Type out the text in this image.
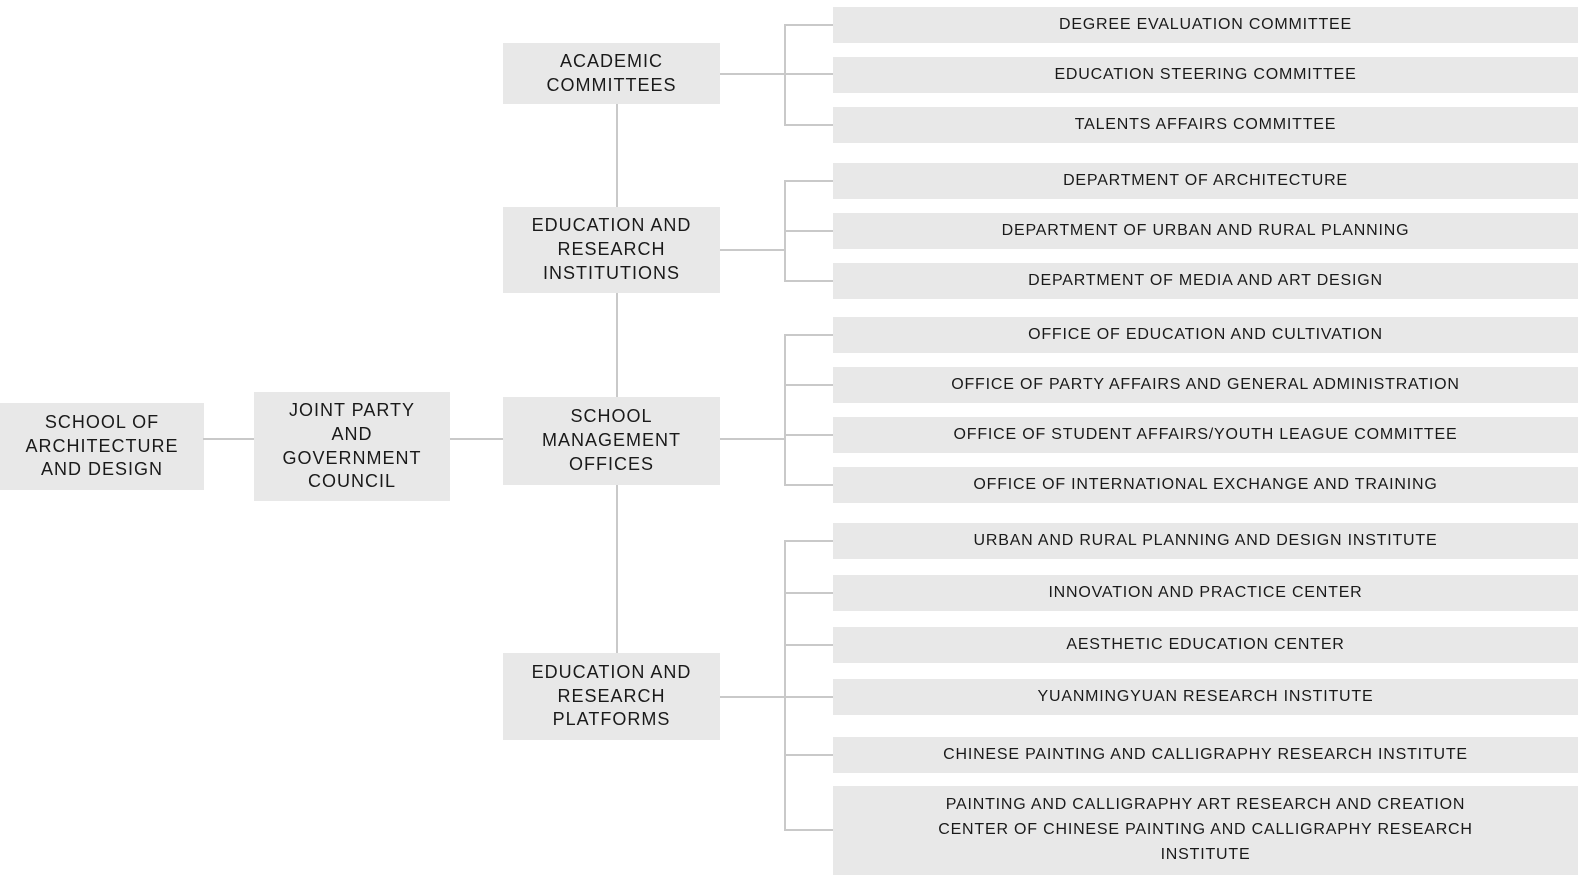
SCHOOL OF ARCHITECTURE AND DESIGN
JOINT PARTY AND GOVERNMENT COUNCIL
ACADEMIC COMMITTEES
EDUCATION AND RESEARCH INSTITUTIONS
SCHOOL MANAGEMENT OFFICES
EDUCATION AND RESEARCH PLATFORMS
DEGREE EVALUATION COMMITTEE
EDUCATION STEERING COMMITTEE
TALENTS AFFAIRS COMMITTEE
DEPARTMENT OF ARCHITECTURE
DEPARTMENT OF URBAN AND RURAL PLANNING
DEPARTMENT OF MEDIA AND ART DESIGN
OFFICE OF EDUCATION AND CULTIVATION
OFFICE OF PARTY AFFAIRS AND GENERAL ADMINISTRATION
OFFICE OF STUDENT AFFAIRS/YOUTH LEAGUE COMMITTEE
OFFICE OF INTERNATIONAL EXCHANGE AND TRAINING
URBAN AND RURAL PLANNING AND DESIGN INSTITUTE
INNOVATION AND PRACTICE CENTER
AESTHETIC EDUCATION CENTER
YUANMINGYUAN RESEARCH INSTITUTE
CHINESE PAINTING AND CALLIGRAPHY RESEARCH INSTITUTE
PAINTING AND CALLIGRAPHY ART RESEARCH AND CREATION CENTER OF CHINESE PAINTING AND CALLIGRAPHY RESEARCH INSTITUTE
